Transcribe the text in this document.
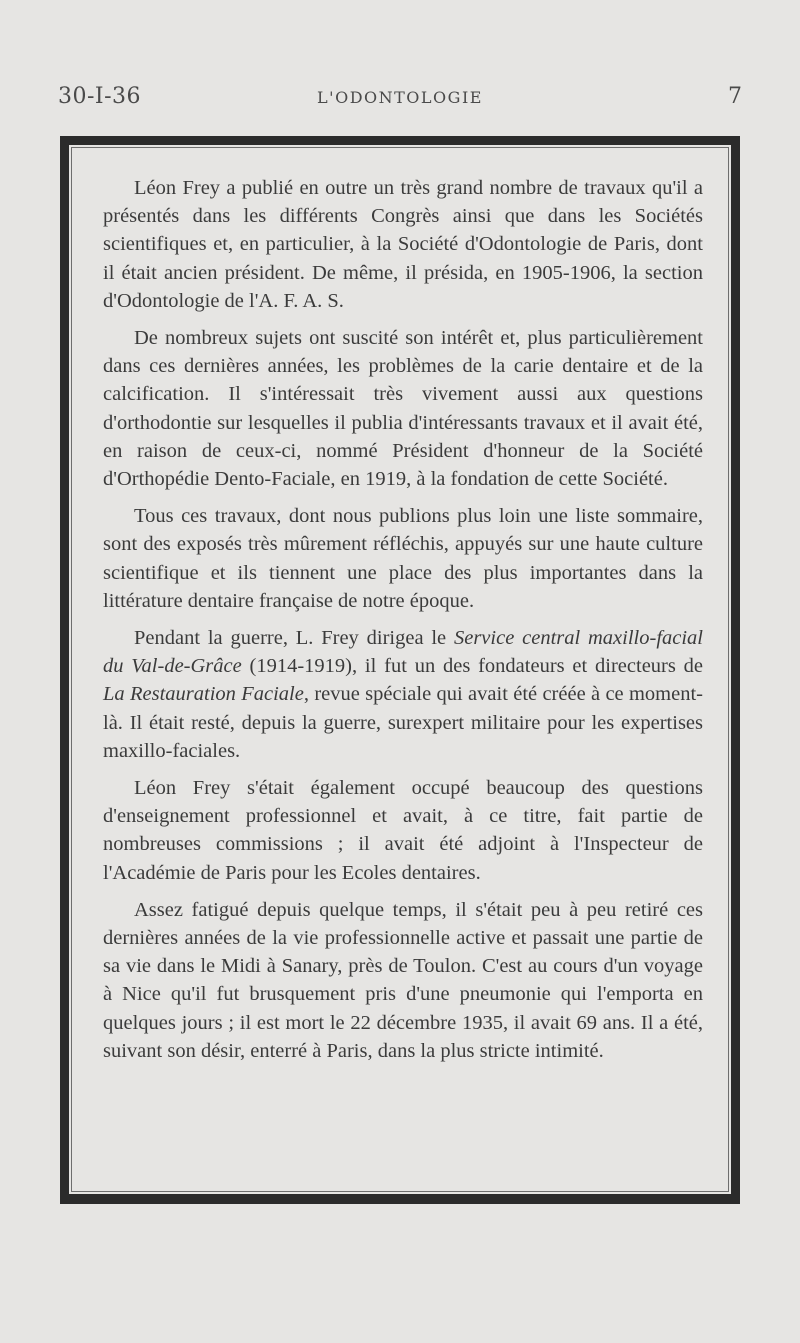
30-I-36	L'ODONTOLOGIE	7

Léon Frey a publié en outre un très grand nombre de travaux qu'il a présentés dans les différents Congrès ainsi que dans les Sociétés scientifiques et, en particulier, à la Société d'Odontologie de Paris, dont il était ancien président. De même, il présida, en 1905-1906, la section d'Odontologie de l'A. F. A. S.

De nombreux sujets ont suscité son intérêt et, plus particulièrement dans ces dernières années, les problèmes de la carie dentaire et de la calcification. Il s'intéressait très vivement aussi aux questions d'orthodontie sur lesquelles il publia d'intéressants travaux et il avait été, en raison de ceux-ci, nommé Président d'honneur de la Société d'Orthopédie Dento-Faciale, en 1919, à la fondation de cette Société.

Tous ces travaux, dont nous publions plus loin une liste sommaire, sont des exposés très mûrement réfléchis, appuyés sur une haute culture scientifique et ils tiennent une place des plus importantes dans la littérature dentaire française de notre époque.

Pendant la guerre, L. Frey dirigea le Service central maxillo-facial du Val-de-Grâce (1914-1919), il fut un des fondateurs et directeurs de La Restauration Faciale, revue spéciale qui avait été créée à ce moment-là. Il était resté, depuis la guerre, surexpert militaire pour les expertises maxillo-faciales.

Léon Frey s'était également occupé beaucoup des questions d'enseignement professionnel et avait, à ce titre, fait partie de nombreuses commissions ; il avait été adjoint à l'Inspecteur de l'Académie de Paris pour les Ecoles dentaires.

Assez fatigué depuis quelque temps, il s'était peu à peu retiré ces dernières années de la vie professionnelle active et passait une partie de sa vie dans le Midi à Sanary, près de Toulon. C'est au cours d'un voyage à Nice qu'il fut brusquement pris d'une pneumonie qui l'emporta en quelques jours ; il est mort le 22 décembre 1935, il avait 69 ans. Il a été, suivant son désir, enterré à Paris, dans la plus stricte intimité.
